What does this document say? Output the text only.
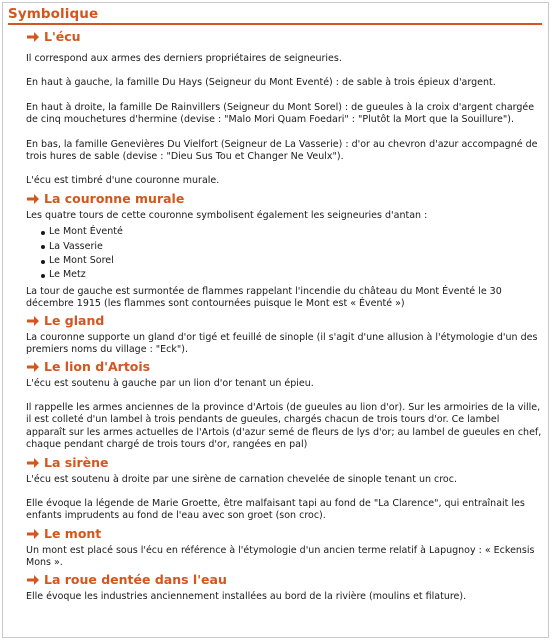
Symbolique
L'écu

Il correspond aux armes des derniers propriétaires de seigneuries.

En haut à gauche, la famille Du Hays (Seigneur du Mont Eventé) : de sable à trois épieux d'argent.

En haut à droite, la famille De Rainvillers (Seigneur du Mont Sorel) : de gueules à la croix d'argent chargée de cinq mouchetures d'hermine (devise : "Malo Mori Quam Foedari" : "Plutôt la Mort que la Souillure").

En bas, la famille Genevières Du Vielfort (Seigneur de La Vasserie) : d'or au chevron d'azur accompagné de trois hures de sable (devise : "Dieu Sus Tou et Changer Ne Veulx").

L'écu est timbré d'une couronne murale.

La couronne murale

Les quatre tours de cette couronne symbolisent également les seigneuries d'antan :

Le Mont Éventé
La Vasserie
Le Mont Sorel
Le Metz

La tour de gauche est surmontée de flammes rappelant l'incendie du château du Mont Éventé le 30 décembre 1915 (les flammes sont contournées puisque le Mont est « Éventé »)

Le gland

La couronne supporte un gland d'or tigé et feuillé de sinople (il s'agit d'une allusion à l'étymologie d'un des premiers noms du village : "Eck").

Le lion d'Artois

L'écu est soutenu à gauche par un lion d'or tenant un épieu.

Il rappelle les armes anciennes de la province d'Artois (de gueules au lion d'or). Sur les armoiries de la ville, il est colleté d'un lambel à trois pendants de gueules, chargés chacun de trois tours d'or. Ce lambel apparaît sur les armes actuelles de l'Artois (d'azur semé de fleurs de lys d'or; au lambel de gueules en chef, chaque pendant chargé de trois tours d'or, rangées en pal)

La sirène

L'écu est soutenu à droite par une sirène de carnation chevelée de sinople tenant un croc.

Elle évoque la légende de Marie Groette, être malfaisant tapi au fond de "La Clarence", qui entraînait les enfants imprudents au fond de l'eau avec son groet (son croc).

Le mont

Un mont est placé sous l'écu en référence à l'étymologie d'un ancien terme relatif à Lapugnoy : « Eckensis Mons ».

La roue dentée dans l'eau

Elle évoque les industries anciennement installées au bord de la rivière (moulins et filature).
